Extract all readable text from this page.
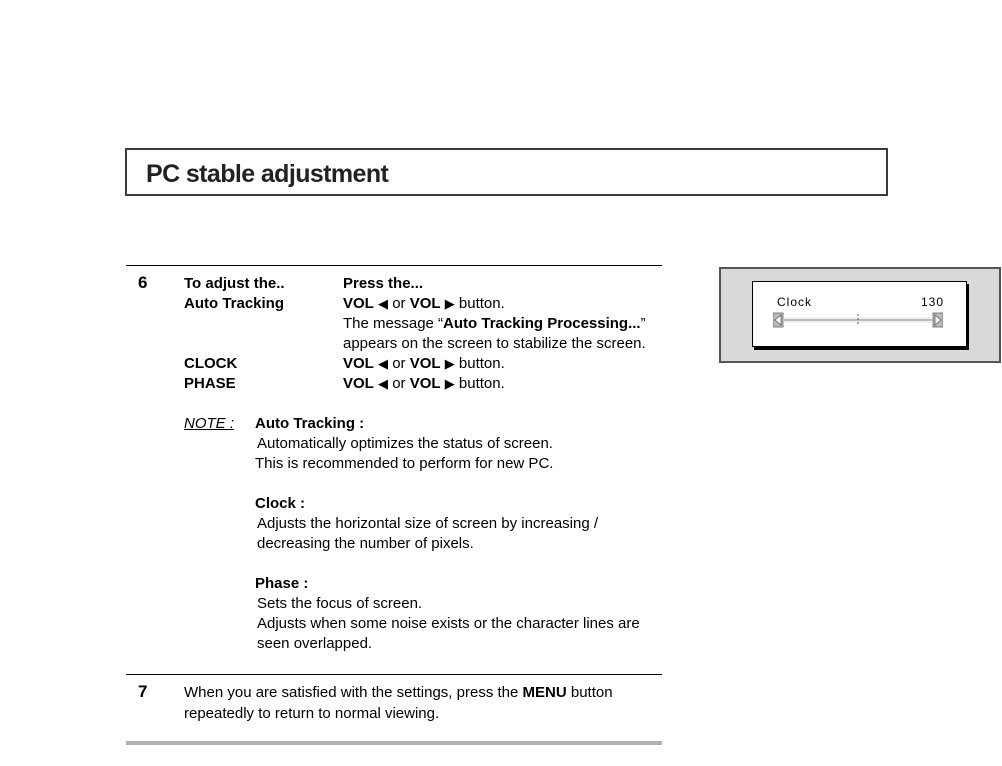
PC stable adjustment
6 To adjust the..	Press the...
Auto Tracking	VOL ◀ or VOL ▶ button.
The message “Auto Tracking Processing...”
appears on the screen to stabilize the screen.
CLOCK	VOL ◀ or VOL ▶ button.
PHASE	VOL ◀ or VOL ▶ button.
NOTE : Auto Tracking :
Automatically optimizes the status of screen.
This is recommended to perform for new PC.
Clock :
Adjusts the horizontal size of screen by increasing /
decreasing the number of pixels.
Phase :
Sets the focus of screen.
Adjusts when some noise exists or the character lines are
seen overlapped.
7 When you are satisfied with the settings, press the MENU button
repeatedly to return to normal viewing.
Clock	130
